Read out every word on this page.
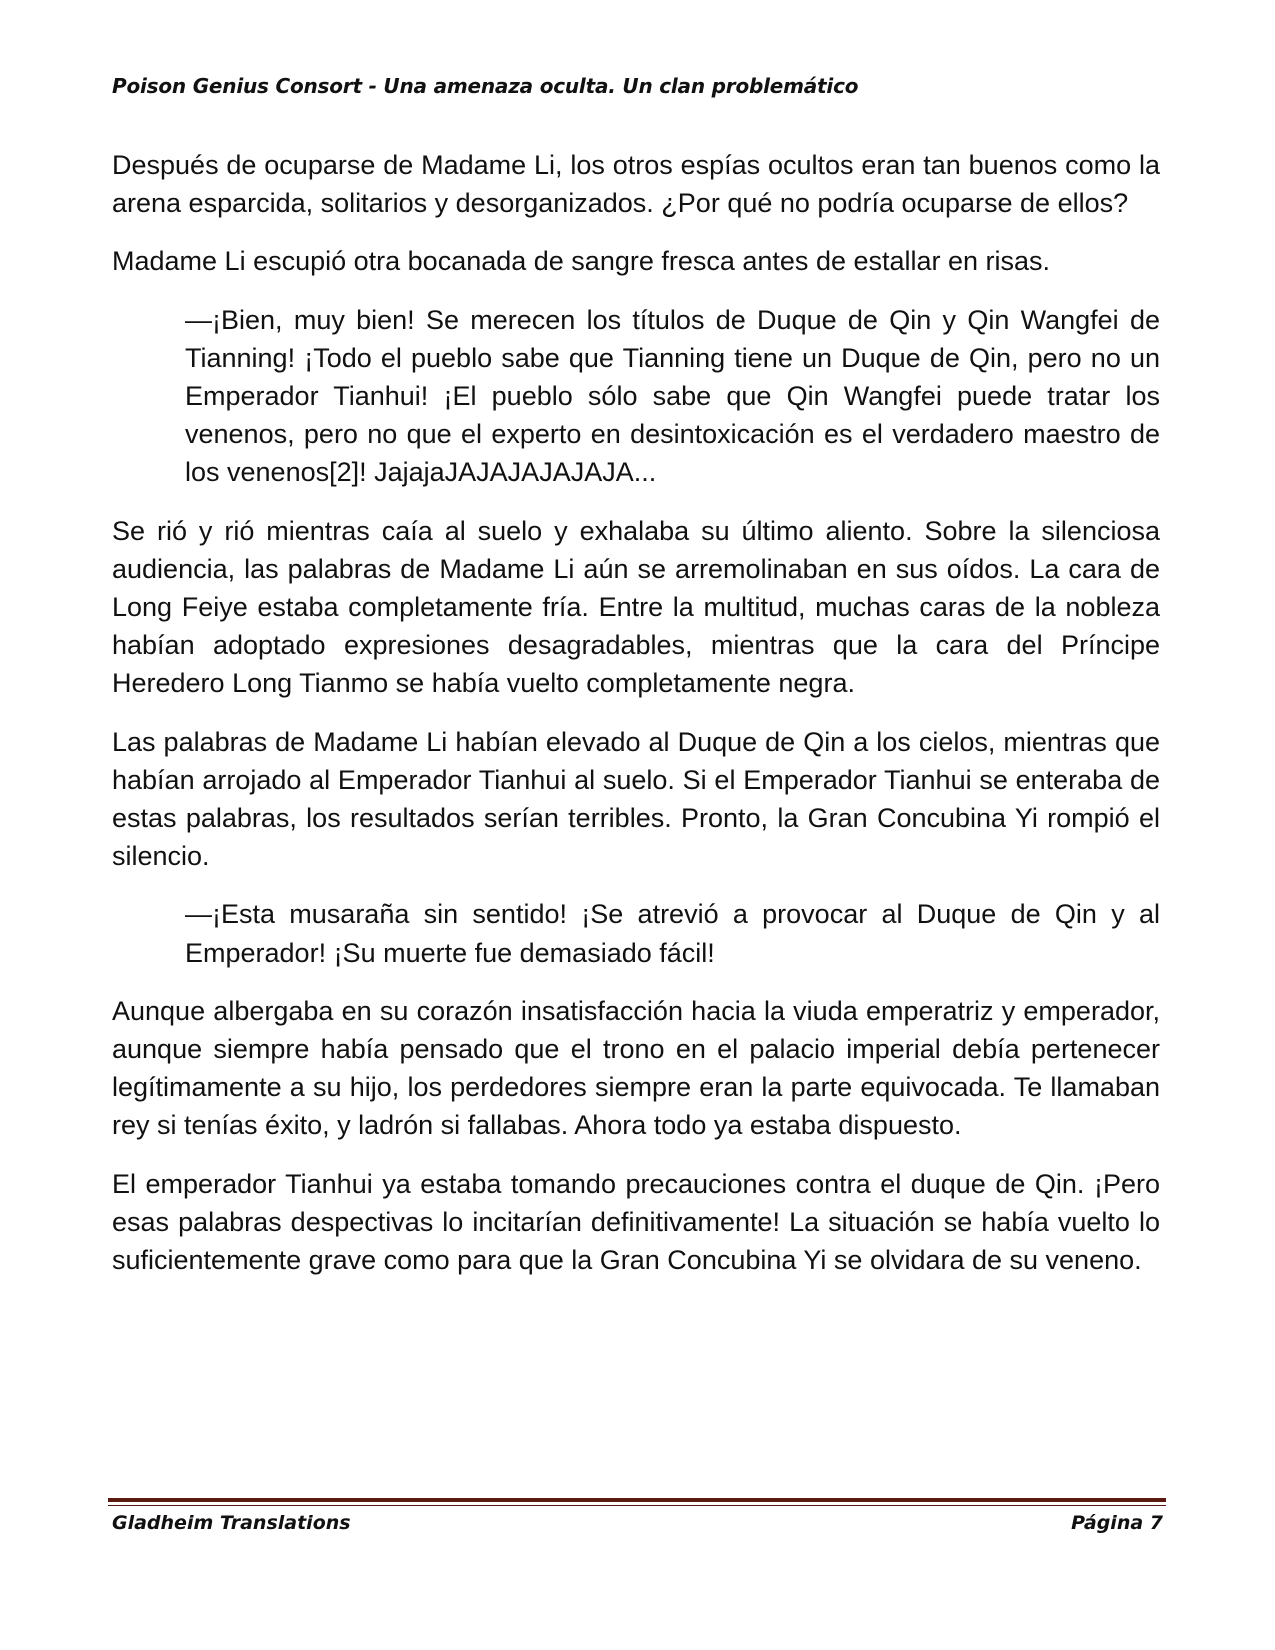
Poison Genius Consort - Una amenaza oculta. Un clan problemático

Después de ocuparse de Madame Li, los otros espías ocultos eran tan buenos como la arena esparcida, solitarios y desorganizados. ¿Por qué no podría ocuparse de ellos?

Madame Li escupió otra bocanada de sangre fresca antes de estallar en risas.

—¡Bien, muy bien! Se merecen los títulos de Duque de Qin y Qin Wangfei de Tianning! ¡Todo el pueblo sabe que Tianning tiene un Duque de Qin, pero no un Emperador Tianhui! ¡El pueblo sólo sabe que Qin Wangfei puede tratar los venenos, pero no que el experto en desintoxicación es el verdadero maestro de los venenos[2]! JajajaJAJAJAJAJAJA...

Se rió y rió mientras caía al suelo y exhalaba su último aliento. Sobre la silenciosa audiencia, las palabras de Madame Li aún se arremolinaban en sus oídos. La cara de Long Feiye estaba completamente fría. Entre la multitud, muchas caras de la nobleza habían adoptado expresiones desagradables, mientras que la cara del Príncipe Heredero Long Tianmo se había vuelto completamente negra.

Las palabras de Madame Li habían elevado al Duque de Qin a los cielos, mientras que habían arrojado al Emperador Tianhui al suelo. Si el Emperador Tianhui se enteraba de estas palabras, los resultados serían terribles. Pronto, la Gran Concubina Yi rompió el silencio.

—¡Esta musaraña sin sentido! ¡Se atrevió a provocar al Duque de Qin y al Emperador! ¡Su muerte fue demasiado fácil!

Aunque albergaba en su corazón insatisfacción hacia la viuda emperatriz y emperador, aunque siempre había pensado que el trono en el palacio imperial debía pertenecer legítimamente a su hijo, los perdedores siempre eran la parte equivocada. Te llamaban rey si tenías éxito, y ladrón si fallabas. Ahora todo ya estaba dispuesto.

El emperador Tianhui ya estaba tomando precauciones contra el duque de Qin. ¡Pero esas palabras despectivas lo incitarían definitivamente! La situación se había vuelto lo suficientemente grave como para que la Gran Concubina Yi se olvidara de su veneno.

Gladheim Translations	Página 7
